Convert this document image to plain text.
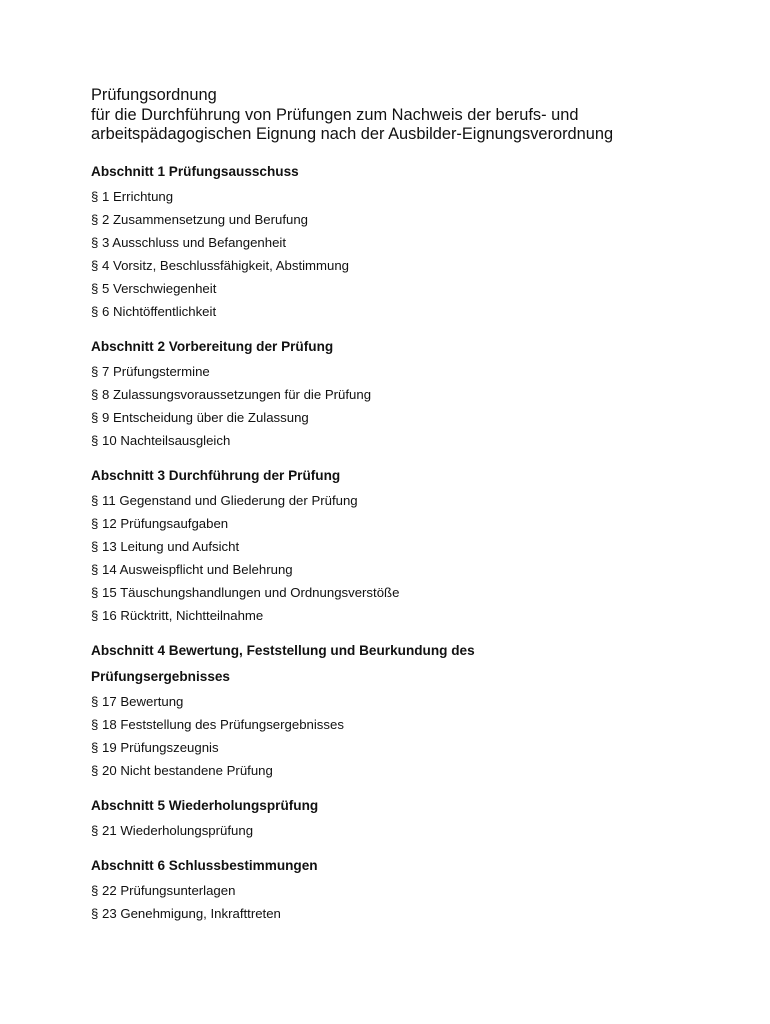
Prüfungsordnung
für die Durchführung von Prüfungen zum Nachweis der berufs- und
arbeitspädagogischen Eignung nach der Ausbilder-Eignungsverordnung
Abschnitt 1 Prüfungsausschuss
§ 1 Errichtung
§ 2 Zusammensetzung und Berufung
§ 3 Ausschluss und Befangenheit
§ 4 Vorsitz, Beschlussfähigkeit, Abstimmung
§ 5 Verschwiegenheit
§ 6 Nichtöffentlichkeit
Abschnitt 2 Vorbereitung der Prüfung
§ 7 Prüfungstermine
§ 8 Zulassungsvoraussetzungen für die Prüfung
§ 9 Entscheidung über die Zulassung
§ 10 Nachteilsausgleich
Abschnitt 3 Durchführung der Prüfung
§ 11 Gegenstand und Gliederung der Prüfung
§ 12 Prüfungsaufgaben
§ 13 Leitung und Aufsicht
§ 14 Ausweispflicht und Belehrung
§ 15 Täuschungshandlungen und Ordnungsverstöße
§ 16 Rücktritt, Nichtteilnahme
Abschnitt 4 Bewertung, Feststellung und Beurkundung des
Prüfungsergebnisses
§ 17 Bewertung
§ 18 Feststellung des Prüfungsergebnisses
§ 19 Prüfungszeugnis
§ 20 Nicht bestandene Prüfung
Abschnitt 5 Wiederholungsprüfung
§ 21 Wiederholungsprüfung
Abschnitt 6 Schlussbestimmungen
§ 22 Prüfungsunterlagen
§ 23 Genehmigung, Inkrafttreten
